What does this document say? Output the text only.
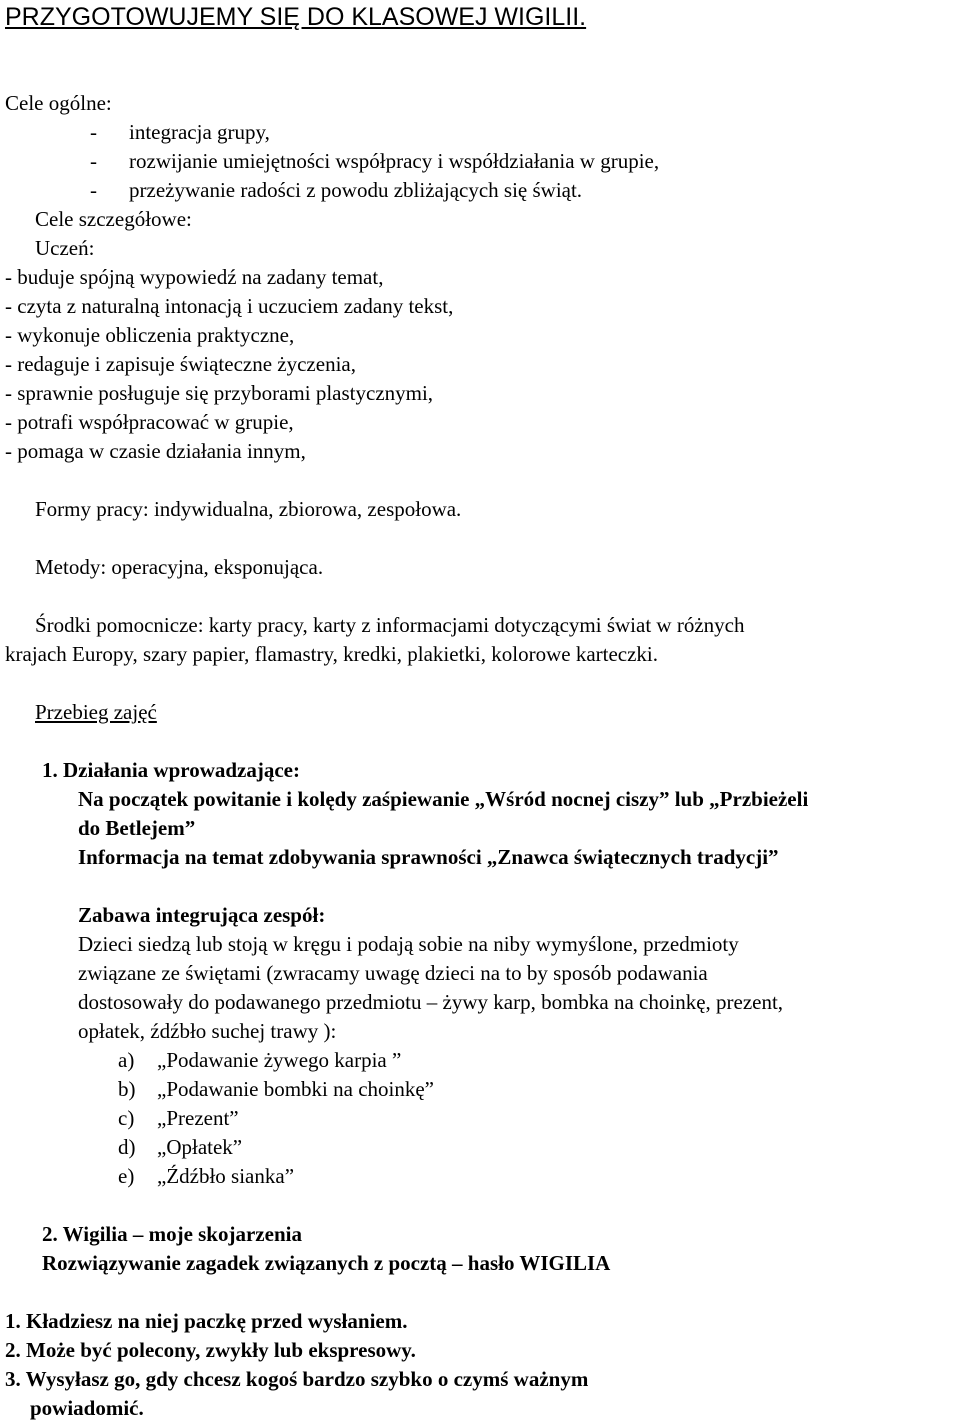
PRZYGOTOWUJEMY SIĘ DO KLASOWEJ WIGILII.
Cele ogólne:
- integracja grupy,
- rozwijanie umiejętności współpracy i współdziałania w grupie,
- przeżywanie radości z powodu zbliżających się świąt.
Cele szczegółowe:
Uczeń:
- buduje spójną wypowiedź na zadany temat,
- czyta z naturalną intonacją i uczuciem zadany tekst,
- wykonuje obliczenia praktyczne,
- redaguje i zapisuje świąteczne życzenia,
- sprawnie posługuje się przyborami plastycznymi,
- potrafi współpracować w grupie,
- pomaga w czasie działania innym,
Formy pracy: indywidualna, zbiorowa, zespołowa.
Metody: operacyjna, eksponująca.
Środki pomocnicze: karty pracy, karty z informacjami dotyczącymi świat w różnych
krajach Europy, szary papier, flamastry, kredki, plakietki, kolorowe karteczki.
Przebieg zajęć
1. Działania wprowadzające:
Na początek powitanie i kolędy zaśpiewanie „Wśród nocnej ciszy” lub „Przbieżeli
do Betlejem”
Informacja na temat zdobywania sprawności „Znawca świątecznych tradycji”
Zabawa integrująca zespół:
Dzieci siedzą lub stoją w kręgu i podają sobie na niby wymyślone, przedmioty
związane ze świętami (zwracamy uwagę dzieci na to by sposób podawania
dostosowały do podawanego przedmiotu – żywy karp, bombka na choinkę, prezent,
opłatek, źdźbło suchej trawy ):
a) „Podawanie żywego karpia ”
b) „Podawanie bombki na choinkę”
c) „Prezent”
d) „Opłatek”
e) „Źdźbło sianka”
2. Wigilia – moje skojarzenia
Rozwiązywanie zagadek związanych z pocztą – hasło WIGILIA
1. Kładziesz na niej paczkę przed wysłaniem.
2. Może być polecony, zwykły lub ekspresowy.
3. Wysyłasz go, gdy chcesz kogoś bardzo szybko o czymś ważnym
powiadomić.
